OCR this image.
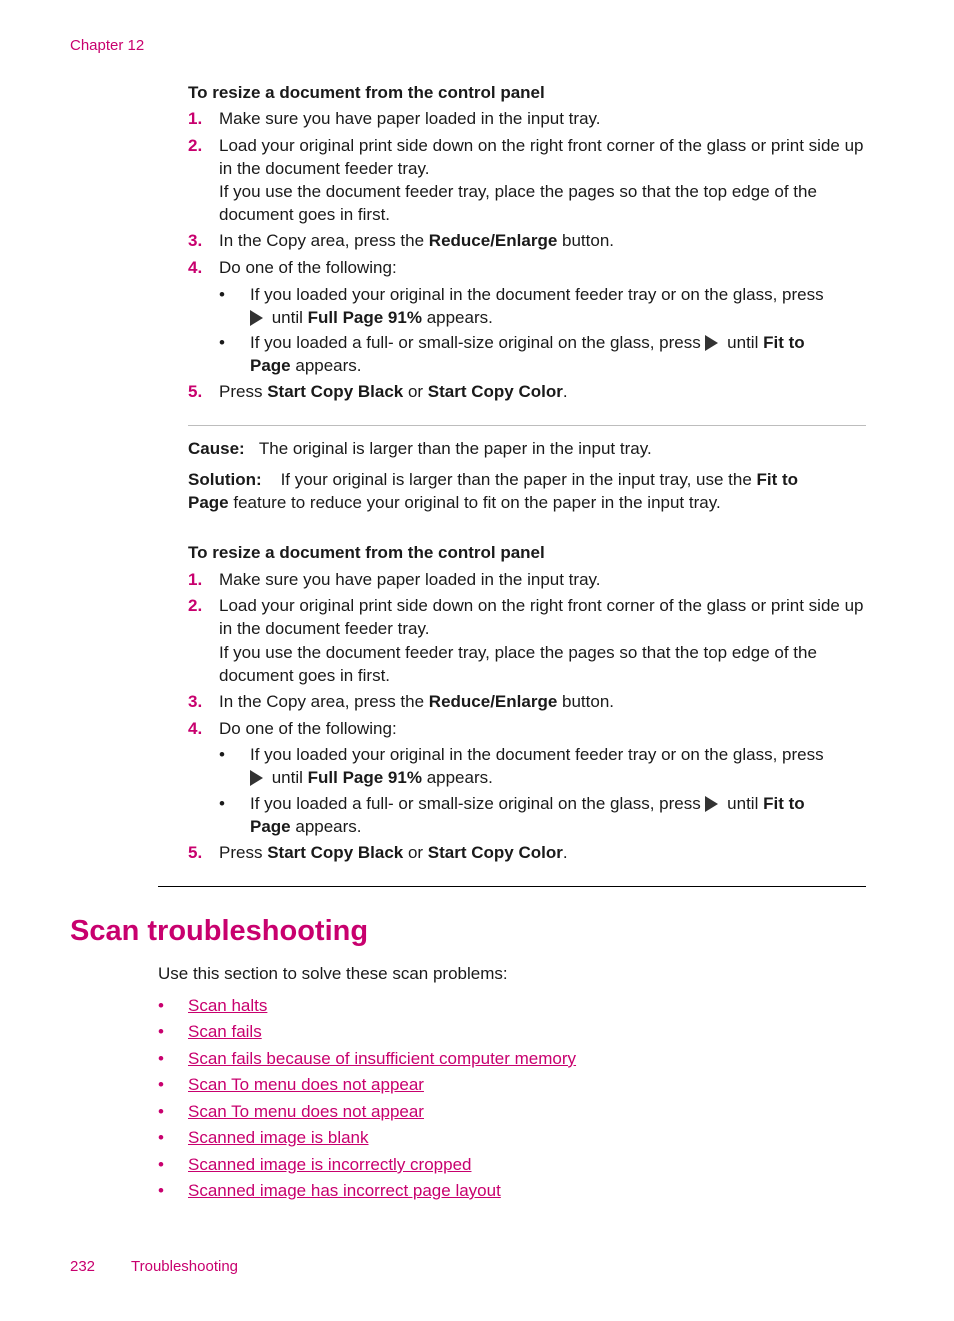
Chapter 12
To resize a document from the control panel
1. Make sure you have paper loaded in the input tray.
2. Load your original print side down on the right front corner of the glass or print side up in the document feeder tray.
If you use the document feeder tray, place the pages so that the top edge of the document goes in first.
3. In the Copy area, press the Reduce/Enlarge button.
4. Do one of the following:
• If you loaded your original in the document feeder tray or on the glass, press
until Full Page 91% appears.
• If you loaded a full- or small-size original on the glass, press  until Fit to
Page appears.
5. Press Start Copy Black or Start Copy Color.
Cause: The original is larger than the paper in the input tray.
Solution: If your original is larger than the paper in the input tray, use the Fit to
Page feature to reduce your original to fit on the paper in the input tray.
To resize a document from the control panel
1. Make sure you have paper loaded in the input tray.
2. Load your original print side down on the right front corner of the glass or print side up in the document feeder tray.
If you use the document feeder tray, place the pages so that the top edge of the document goes in first.
3. In the Copy area, press the Reduce/Enlarge button.
4. Do one of the following:
• If you loaded your original in the document feeder tray or on the glass, press
until Full Page 91% appears.
• If you loaded a full- or small-size original on the glass, press  until Fit to
Page appears.
5. Press Start Copy Black or Start Copy Color.
Scan troubleshooting
Use this section to solve these scan problems:
• Scan halts
• Scan fails
• Scan fails because of insufficient computer memory
• Scan To menu does not appear
• Scan To menu does not appear
• Scanned image is blank
• Scanned image is incorrectly cropped
• Scanned image has incorrect page layout
232 Troubleshooting
